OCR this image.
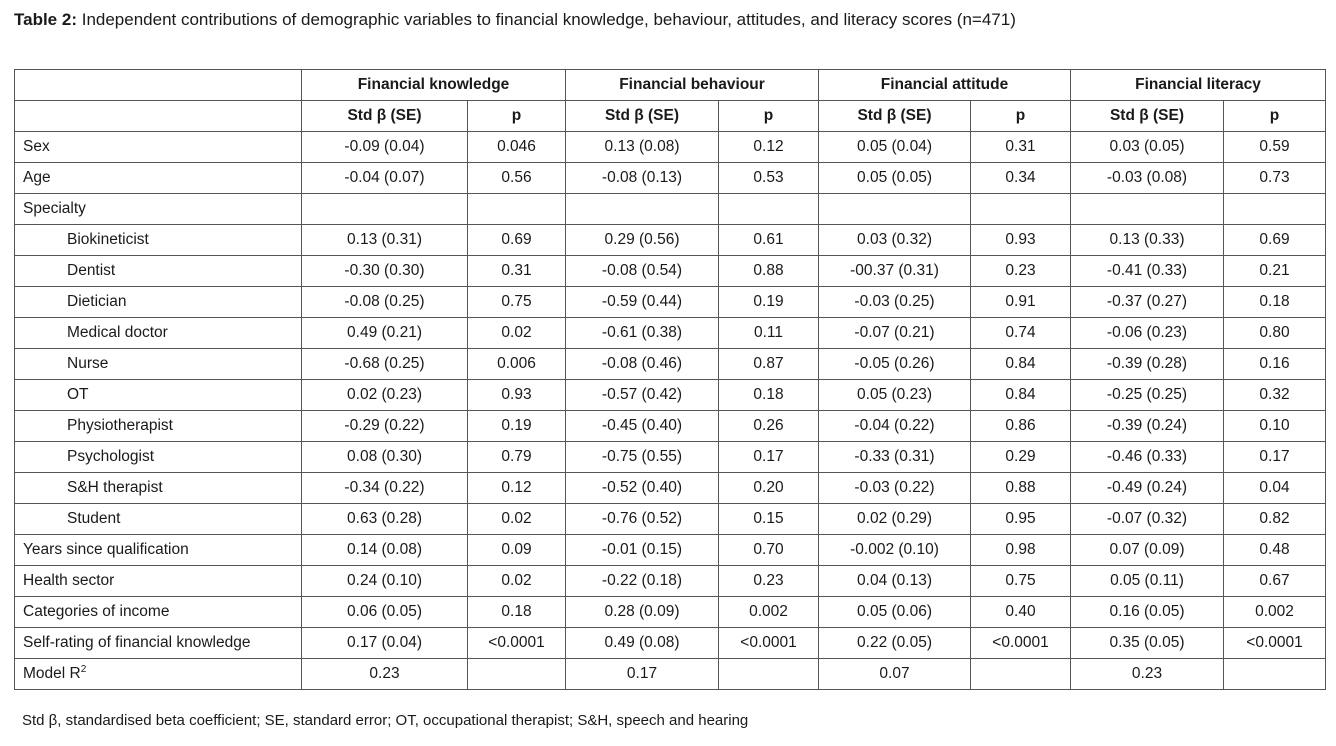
Table 2: Independent contributions of demographic variables to financial knowledge, behaviour, attitudes, and literacy scores (n=471)
	Financial knowledge		Financial behaviour		Financial attitude		Financial literacy	
	Std β (SE)	p	Std β (SE)	p	Std β (SE)	p	Std β (SE)	p
Sex	-0.09 (0.04)	0.046	0.13 (0.08)	0.12	0.05 (0.04)	0.31	0.03 (0.05)	0.59
Age	-0.04 (0.07)	0.56	-0.08 (0.13)	0.53	0.05 (0.05)	0.34	-0.03 (0.08)	0.73
Specialty								
Biokineticist	0.13 (0.31)	0.69	0.29 (0.56)	0.61	0.03 (0.32)	0.93	0.13 (0.33)	0.69
Dentist	-0.30 (0.30)	0.31	-0.08 (0.54)	0.88	-00.37 (0.31)	0.23	-0.41 (0.33)	0.21
Dietician	-0.08 (0.25)	0.75	-0.59 (0.44)	0.19	-0.03 (0.25)	0.91	-0.37 (0.27)	0.18
Medical doctor	0.49 (0.21)	0.02	-0.61 (0.38)	0.11	-0.07 (0.21)	0.74	-0.06 (0.23)	0.80
Nurse	-0.68 (0.25)	0.006	-0.08 (0.46)	0.87	-0.05 (0.26)	0.84	-0.39 (0.28)	0.16
OT	0.02 (0.23)	0.93	-0.57 (0.42)	0.18	0.05 (0.23)	0.84	-0.25 (0.25)	0.32
Physiotherapist	-0.29 (0.22)	0.19	-0.45 (0.40)	0.26	-0.04 (0.22)	0.86	-0.39 (0.24)	0.10
Psychologist	0.08 (0.30)	0.79	-0.75 (0.55)	0.17	-0.33 (0.31)	0.29	-0.46 (0.33)	0.17
S&H therapist	-0.34 (0.22)	0.12	-0.52 (0.40)	0.20	-0.03 (0.22)	0.88	-0.49 (0.24)	0.04
Student	0.63 (0.28)	0.02	-0.76 (0.52)	0.15	0.02 (0.29)	0.95	-0.07 (0.32)	0.82
Years since qualification	0.14 (0.08)	0.09	-0.01 (0.15)	0.70	-0.002 (0.10)	0.98	0.07 (0.09)	0.48
Health sector	0.24 (0.10)	0.02	-0.22 (0.18)	0.23	0.04 (0.13)	0.75	0.05 (0.11)	0.67
Categories of income	0.06 (0.05)	0.18	0.28 (0.09)	0.002	0.05 (0.06)	0.40	0.16 (0.05)	0.002
Self-rating of financial knowledge	0.17 (0.04)	<0.0001	0.49 (0.08)	<0.0001	0.22 (0.05)	<0.0001	0.35 (0.05)	<0.0001
Model $R^2$	0.23		0.17		0.07		0.23	
Std β, standardised beta coefficient; SE, standard error; OT, occupational therapist; S&H, speech and hearing
